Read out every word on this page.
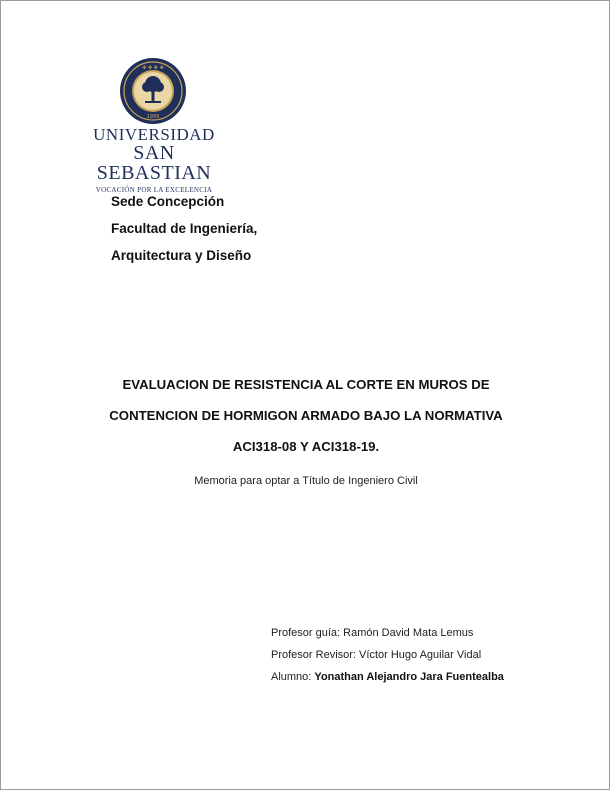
✤ ✤ ✤ ✤
1989
UNIVERSIDAD
SAN SEBASTIAN
VOCACIÓN POR LA EXCELENCIA
Sede Concepción
Facultad de Ingeniería,
Arquitectura y Diseño
EVALUACION DE RESISTENCIA AL CORTE EN MUROS DE
CONTENCION DE HORMIGON ARMADO BAJO LA NORMATIVA
ACI318-08 Y ACI318-19.
Memoria para optar a Título de Ingeniero Civil
Profesor guía: Ramón David Mata Lemus
Profesor Revisor: Víctor Hugo Aguilar Vidal
Alumno: Yonathan Alejandro Jara Fuentealba
